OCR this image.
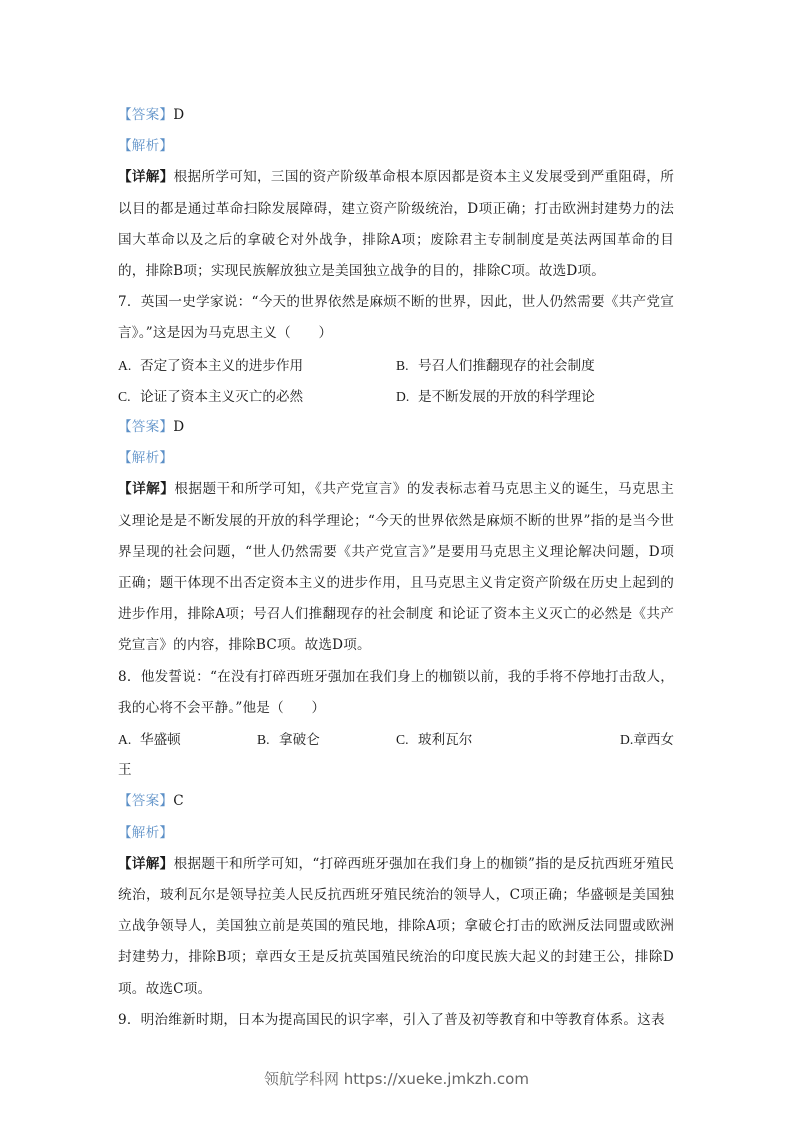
【答案】D
【解析】
【详解】根据所学可知，三国的资产阶级革命根本原因都是资本主义发展受到严重阻碍，所以目的都是通过革命扫除发展障碍，建立资产阶级统治，D项正确；打击欧洲封建势力的法国大革命以及之后的拿破仑对外战争，排除A项；废除君主专制制度是英法两国革命的目的，排除B项；实现民族解放独立是美国独立战争的目的，排除C项。故选D项。
7．英国一史学家说：“今天的世界依然是麻烦不断的世界，因此，世人仍然需要《共产党宣言》。”这是因为马克思主义（　　）
A. 否定了资本主义的进步作用	B. 号召人们推翻现存的社会制度
C. 论证了资本主义灭亡的必然	D. 是不断发展的开放的科学理论
【答案】D
【解析】
【详解】根据题干和所学可知，《共产党宣言》的发表标志着马克思主义的诞生，马克思主义理论是是不断发展的开放的科学理论；“今天的世界依然是麻烦不断的世界”指的是当今世界呈现的社会问题，“世人仍然需要《共产党宣言》”是要用马克思主义理论解决问题，D项正确；题干体现不出否定资本主义的进步作用，且马克思主义肯定资产阶级在历史上起到的进步作用，排除A项；号召人们推翻现存的社会制度 和论证了资本主义灭亡的必然是《共产党宣言》的内容，排除BC项。故选D项。
8．他发誓说：“在没有打碎西班牙强加在我们身上的枷锁以前，我的手将不停地打击敌人，我的心将不会平静。”他是（　　）
A. 华盛顿	B. 拿破仑	C. 玻利瓦尔	D.章西女
王
【答案】C
【解析】
【详解】根据题干和所学可知，“打碎西班牙强加在我们身上的枷锁”指的是反抗西班牙殖民统治，玻利瓦尔是领导拉美人民反抗西班牙殖民统治的领导人，C项正确；华盛顿是美国独立战争领导人，美国独立前是英国的殖民地，排除A项；拿破仑打击的欧洲反法同盟或欧洲封建势力，排除B项；章西女王是反抗英国殖民统治的印度民族大起义的封建王公，排除D项。故选C项。
9．明治维新时期，日本为提高国民的识字率，引入了普及初等教育和中等教育体系。这表
领航学科网 https://xueke.jmkzh.com
